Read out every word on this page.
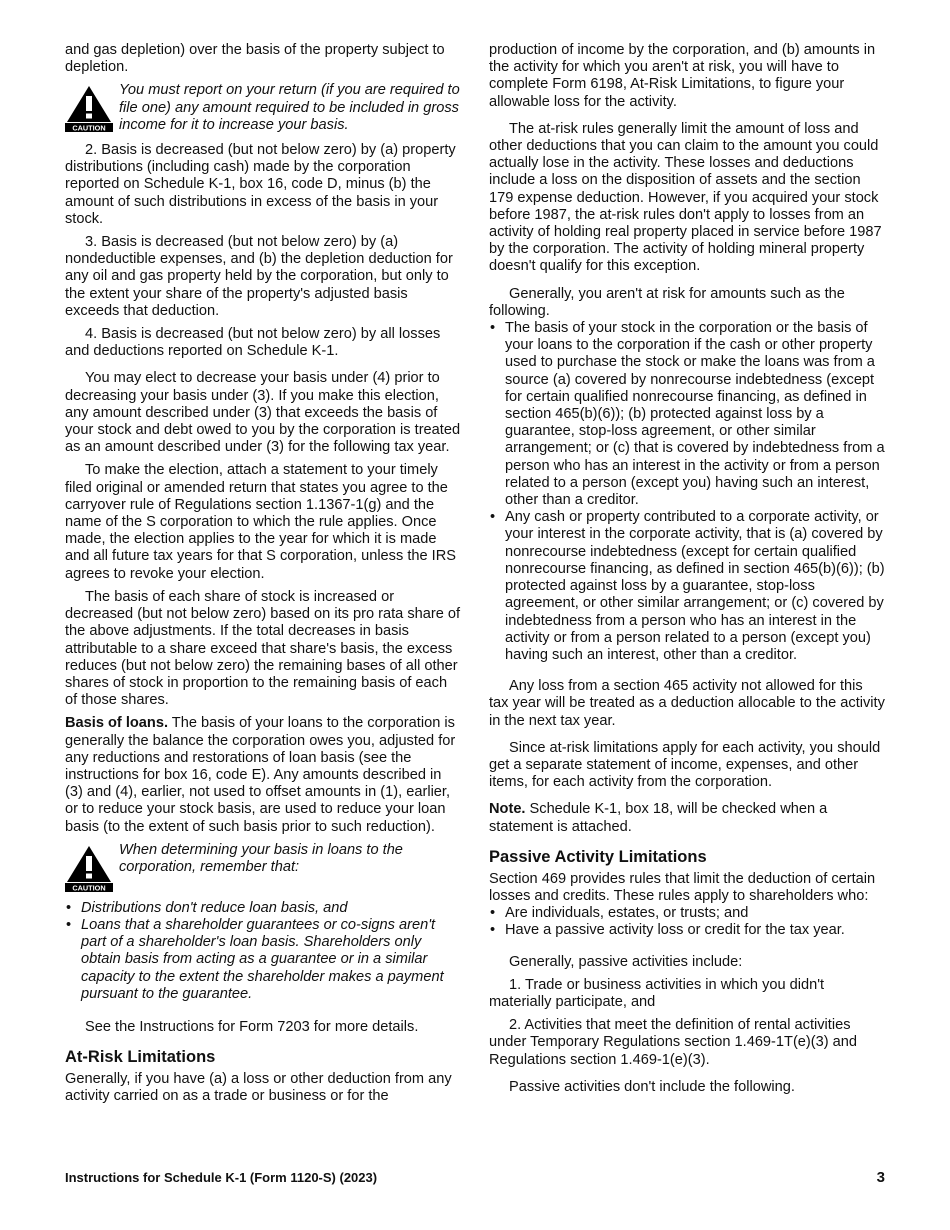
and gas depletion) over the basis of the property subject to depletion.

CAUTION
You must report on your return (if you are required to file one) any amount required to be included in gross income for it to increase your basis.

2. Basis is decreased (but not below zero) by (a) property distributions (including cash) made by the corporation reported on Schedule K-1, box 16, code D, minus (b) the amount of such distributions in excess of the basis in your stock.

3. Basis is decreased (but not below zero) by (a) nondeductible expenses, and (b) the depletion deduction for any oil and gas property held by the corporation, but only to the extent your share of the property's adjusted basis exceeds that deduction.

4. Basis is decreased (but not below zero) by all losses and deductions reported on Schedule K-1.

You may elect to decrease your basis under (4) prior to decreasing your basis under (3). If you make this election, any amount described under (3) that exceeds the basis of your stock and debt owed to you by the corporation is treated as an amount described under (3) for the following tax year.

To make the election, attach a statement to your timely filed original or amended return that states you agree to the carryover rule of Regulations section 1.1367-1(g) and the name of the S corporation to which the rule applies. Once made, the election applies to the year for which it is made and all future tax years for that S corporation, unless the IRS agrees to revoke your election.

The basis of each share of stock is increased or decreased (but not below zero) based on its pro rata share of the above adjustments. If the total decreases in basis attributable to a share exceed that share's basis, the excess reduces (but not below zero) the remaining bases of all other shares of stock in proportion to the remaining basis of each of those shares.

Basis of loans. The basis of your loans to the corporation is generally the balance the corporation owes you, adjusted for any reductions and restorations of loan basis (see the instructions for box 16, code E). Any amounts described in (3) and (4), earlier, not used to offset amounts in (1), earlier, or to reduce your stock basis, are used to reduce your loan basis (to the extent of such basis prior to such reduction).

CAUTION
When determining your basis in loans to the corporation, remember that:

• Distributions don't reduce loan basis, and

• Loans that a shareholder guarantees or co-signs aren't part of a shareholder's loan basis. Shareholders only obtain basis from acting as a guarantee or in a similar capacity to the extent the shareholder makes a payment pursuant to the guarantee.

See the Instructions for Form 7203 for more details.

At-Risk Limitations

Generally, if you have (a) a loss or other deduction from any activity carried on as a trade or business or for the

production of income by the corporation, and (b) amounts in the activity for which you aren't at risk, you will have to complete Form 6198, At-Risk Limitations, to figure your allowable loss for the activity.

The at-risk rules generally limit the amount of loss and other deductions that you can claim to the amount you could actually lose in the activity. These losses and deductions include a loss on the disposition of assets and the section 179 expense deduction. However, if you acquired your stock before 1987, the at-risk rules don't apply to losses from an activity of holding real property placed in service before 1987 by the corporation. The activity of holding mineral property doesn't qualify for this exception.

Generally, you aren't at risk for amounts such as the following.

• The basis of your stock in the corporation or the basis of your loans to the corporation if the cash or other property used to purchase the stock or make the loans was from a source (a) covered by nonrecourse indebtedness (except for certain qualified nonrecourse financing, as defined in section 465(b)(6)); (b) protected against loss by a guarantee, stop-loss agreement, or other similar arrangement; or (c) that is covered by indebtedness from a person who has an interest in the activity or from a person related to a person (except you) having such an interest, other than a creditor.

• Any cash or property contributed to a corporate activity, or your interest in the corporate activity, that is (a) covered by nonrecourse indebtedness (except for certain qualified nonrecourse financing, as defined in section 465(b)(6)); (b) protected against loss by a guarantee, stop-loss agreement, or other similar arrangement; or (c) covered by indebtedness from a person who has an interest in the activity or from a person related to a person (except you) having such an interest, other than a creditor.

Any loss from a section 465 activity not allowed for this tax year will be treated as a deduction allocable to the activity in the next tax year.

Since at-risk limitations apply for each activity, you should get a separate statement of income, expenses, and other items, for each activity from the corporation.

Note. Schedule K-1, box 18, will be checked when a statement is attached.

Passive Activity Limitations

Section 469 provides rules that limit the deduction of certain losses and credits. These rules apply to shareholders who:

• Are individuals, estates, or trusts; and

• Have a passive activity loss or credit for the tax year.

Generally, passive activities include:

1. Trade or business activities in which you didn't materially participate, and

2. Activities that meet the definition of rental activities under Temporary Regulations section 1.469-1T(e)(3) and Regulations section 1.469-1(e)(3).

Passive activities don't include the following.

Instructions for Schedule K-1 (Form 1120-S) (2023)	3
